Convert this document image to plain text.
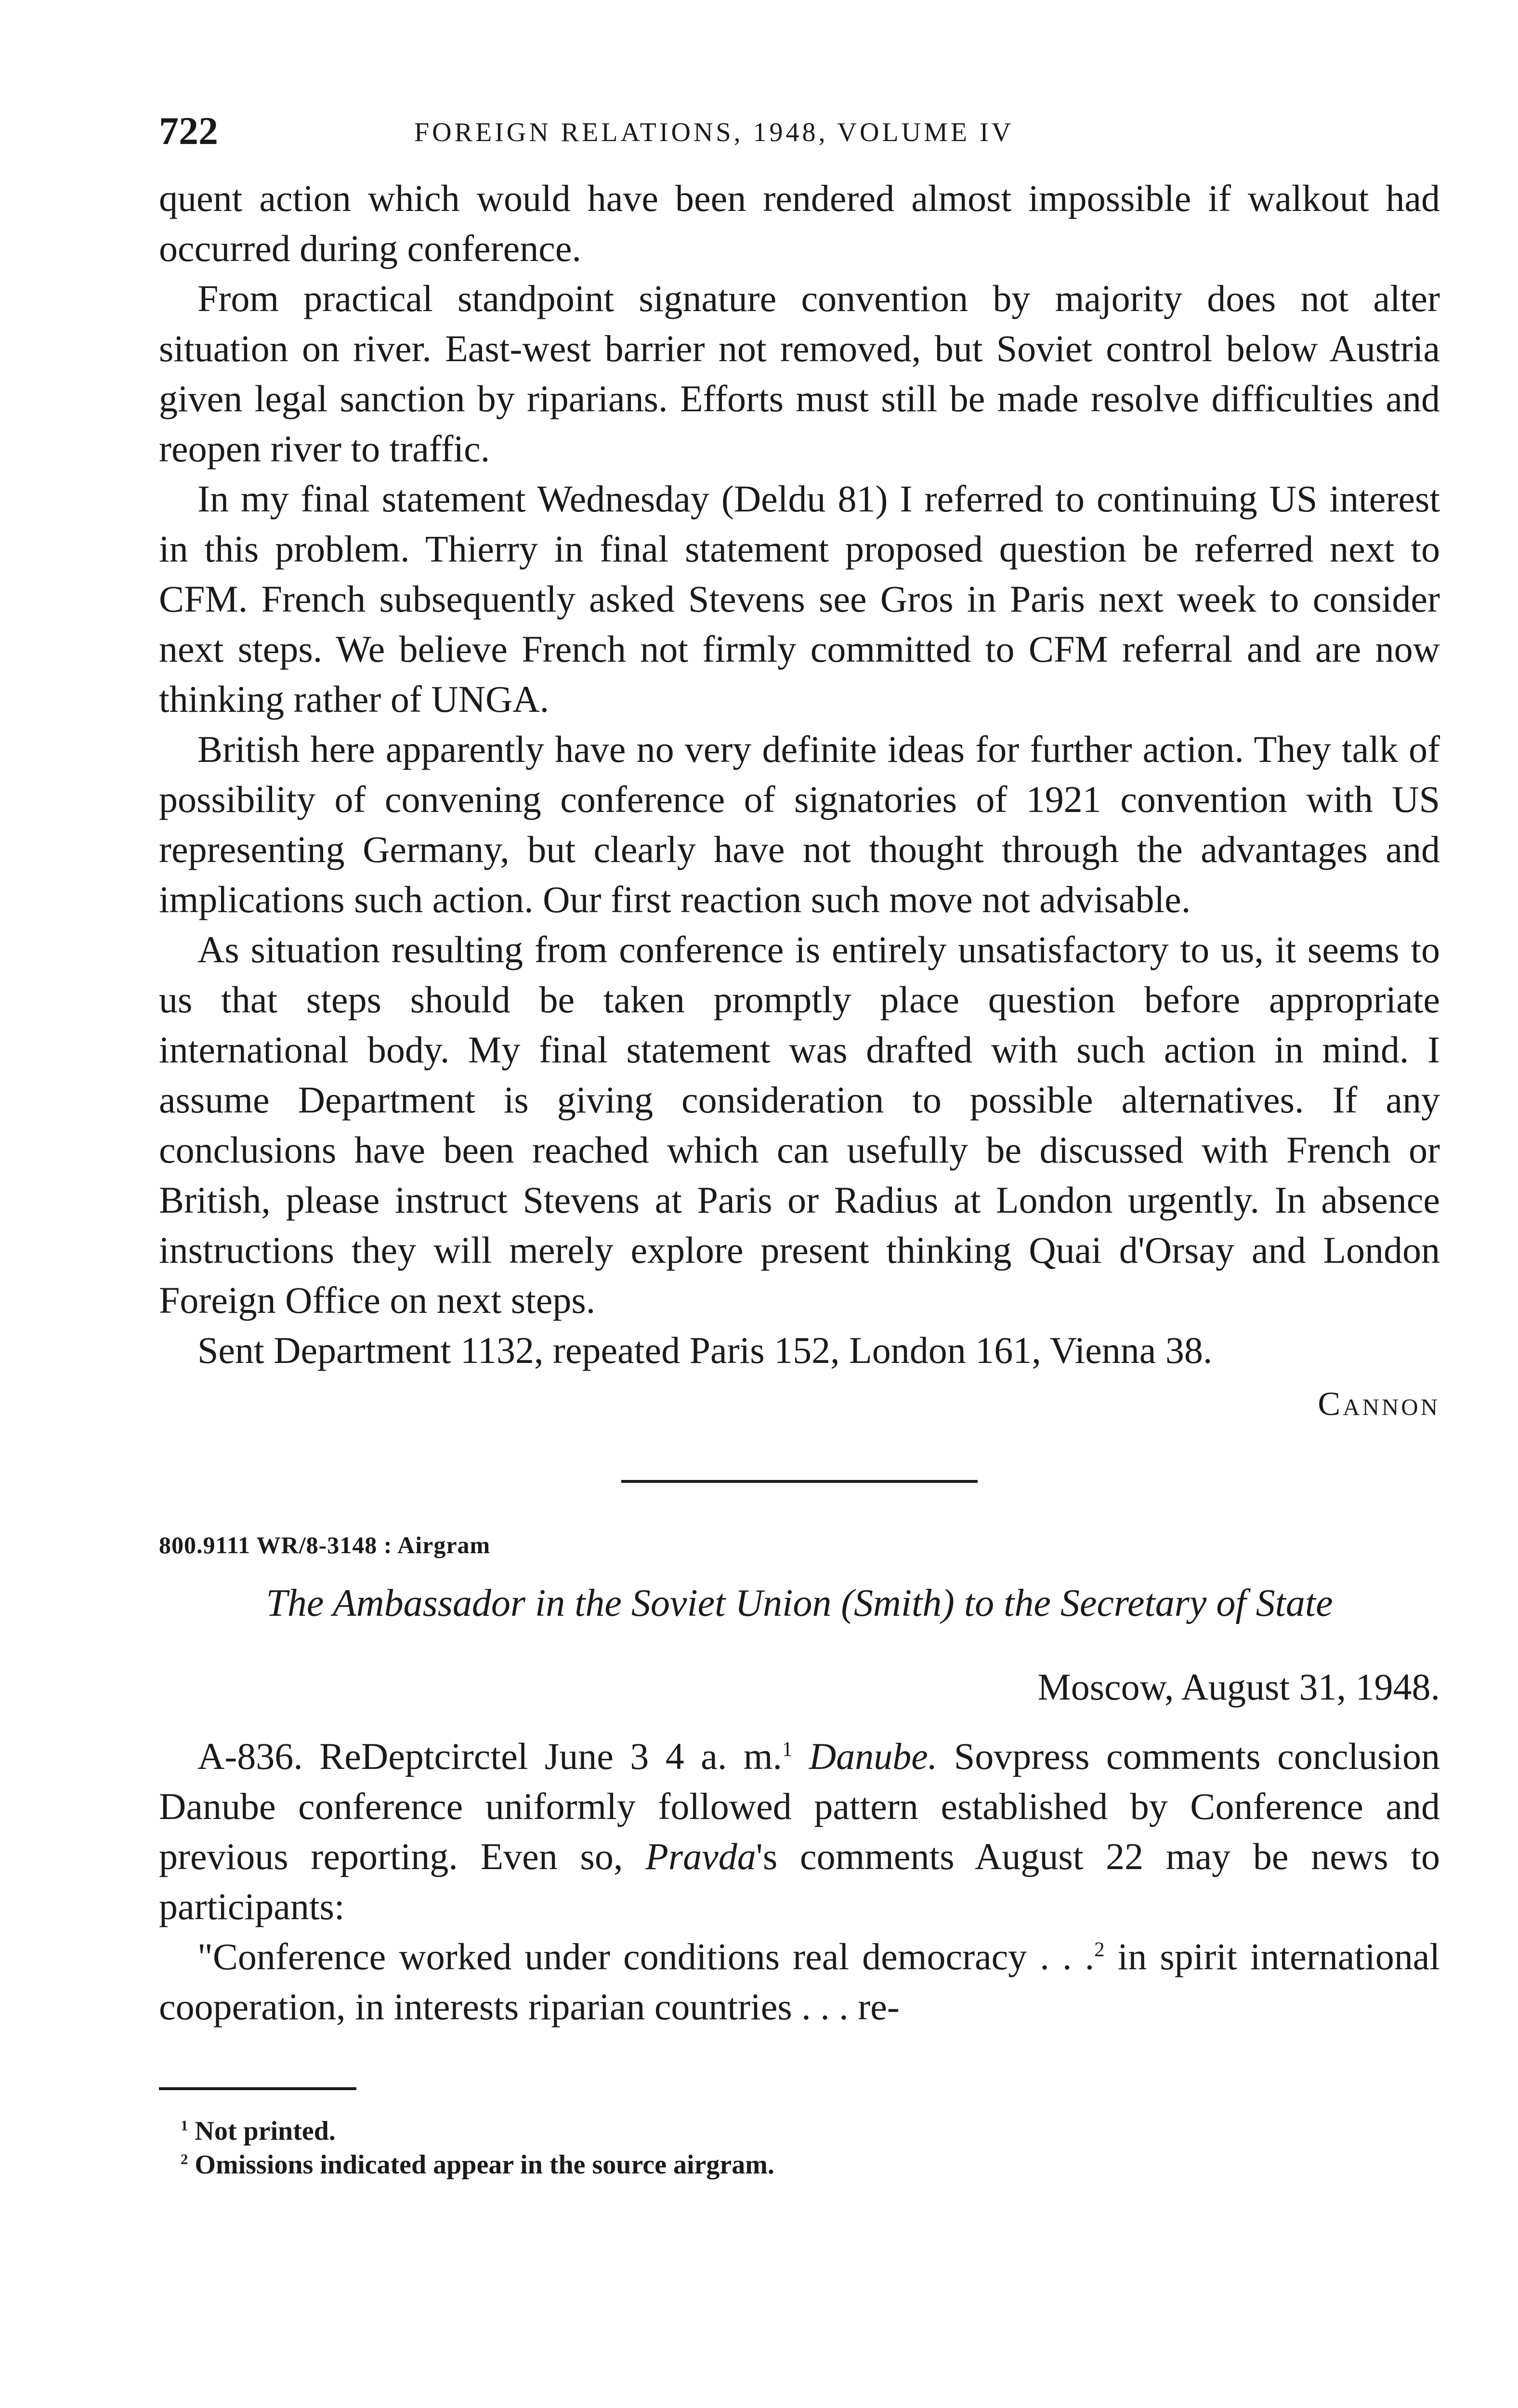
722	FOREIGN RELATIONS, 1948, VOLUME IV

quent action which would have been rendered almost impossible if walkout had occurred during conference.

From practical standpoint signature convention by majority does not alter situation on river. East-west barrier not removed, but Soviet control below Austria given legal sanction by riparians. Efforts must still be made resolve difficulties and reopen river to traffic.

In my final statement Wednesday (Deldu 81) I referred to continuing US interest in this problem. Thierry in final statement proposed question be referred next to CFM. French subsequently asked Stevens see Gros in Paris next week to consider next steps. We believe French not firmly committed to CFM referral and are now thinking rather of UNGA.

British here apparently have no very definite ideas for further action. They talk of possibility of convening conference of signatories of 1921 convention with US representing Germany, but clearly have not thought through the advantages and implications such action. Our first reaction such move not advisable.

As situation resulting from conference is entirely unsatisfactory to us, it seems to us that steps should be taken promptly place question before appropriate international body. My final statement was drafted with such action in mind. I assume Department is giving consideration to possible alternatives. If any conclusions have been reached which can usefully be discussed with French or British, please instruct Stevens at Paris or Radius at London urgently. In absence instructions they will merely explore present thinking Quai d'Orsay and London Foreign Office on next steps.

Sent Department 1132, repeated Paris 152, London 161, Vienna 38.

Cannon
800.9111 WR/8-3148 : Airgram
The Ambassador in the Soviet Union (Smith) to the Secretary of State
Moscow, August 31, 1948.

A-836. ReDeptcirctel June 3 4 a. m.$^1$ Danube. Sovpress comments conclusion Danube conference uniformly followed pattern established by Conference and previous reporting. Even so, Pravda's comments August 22 may be news to participants:

"Conference worked under conditions real democracy . . .$^2$ in spirit international cooperation, in interests riparian countries . . . re-

$^1$ Not printed.
$^2$ Omissions indicated appear in the source airgram.
